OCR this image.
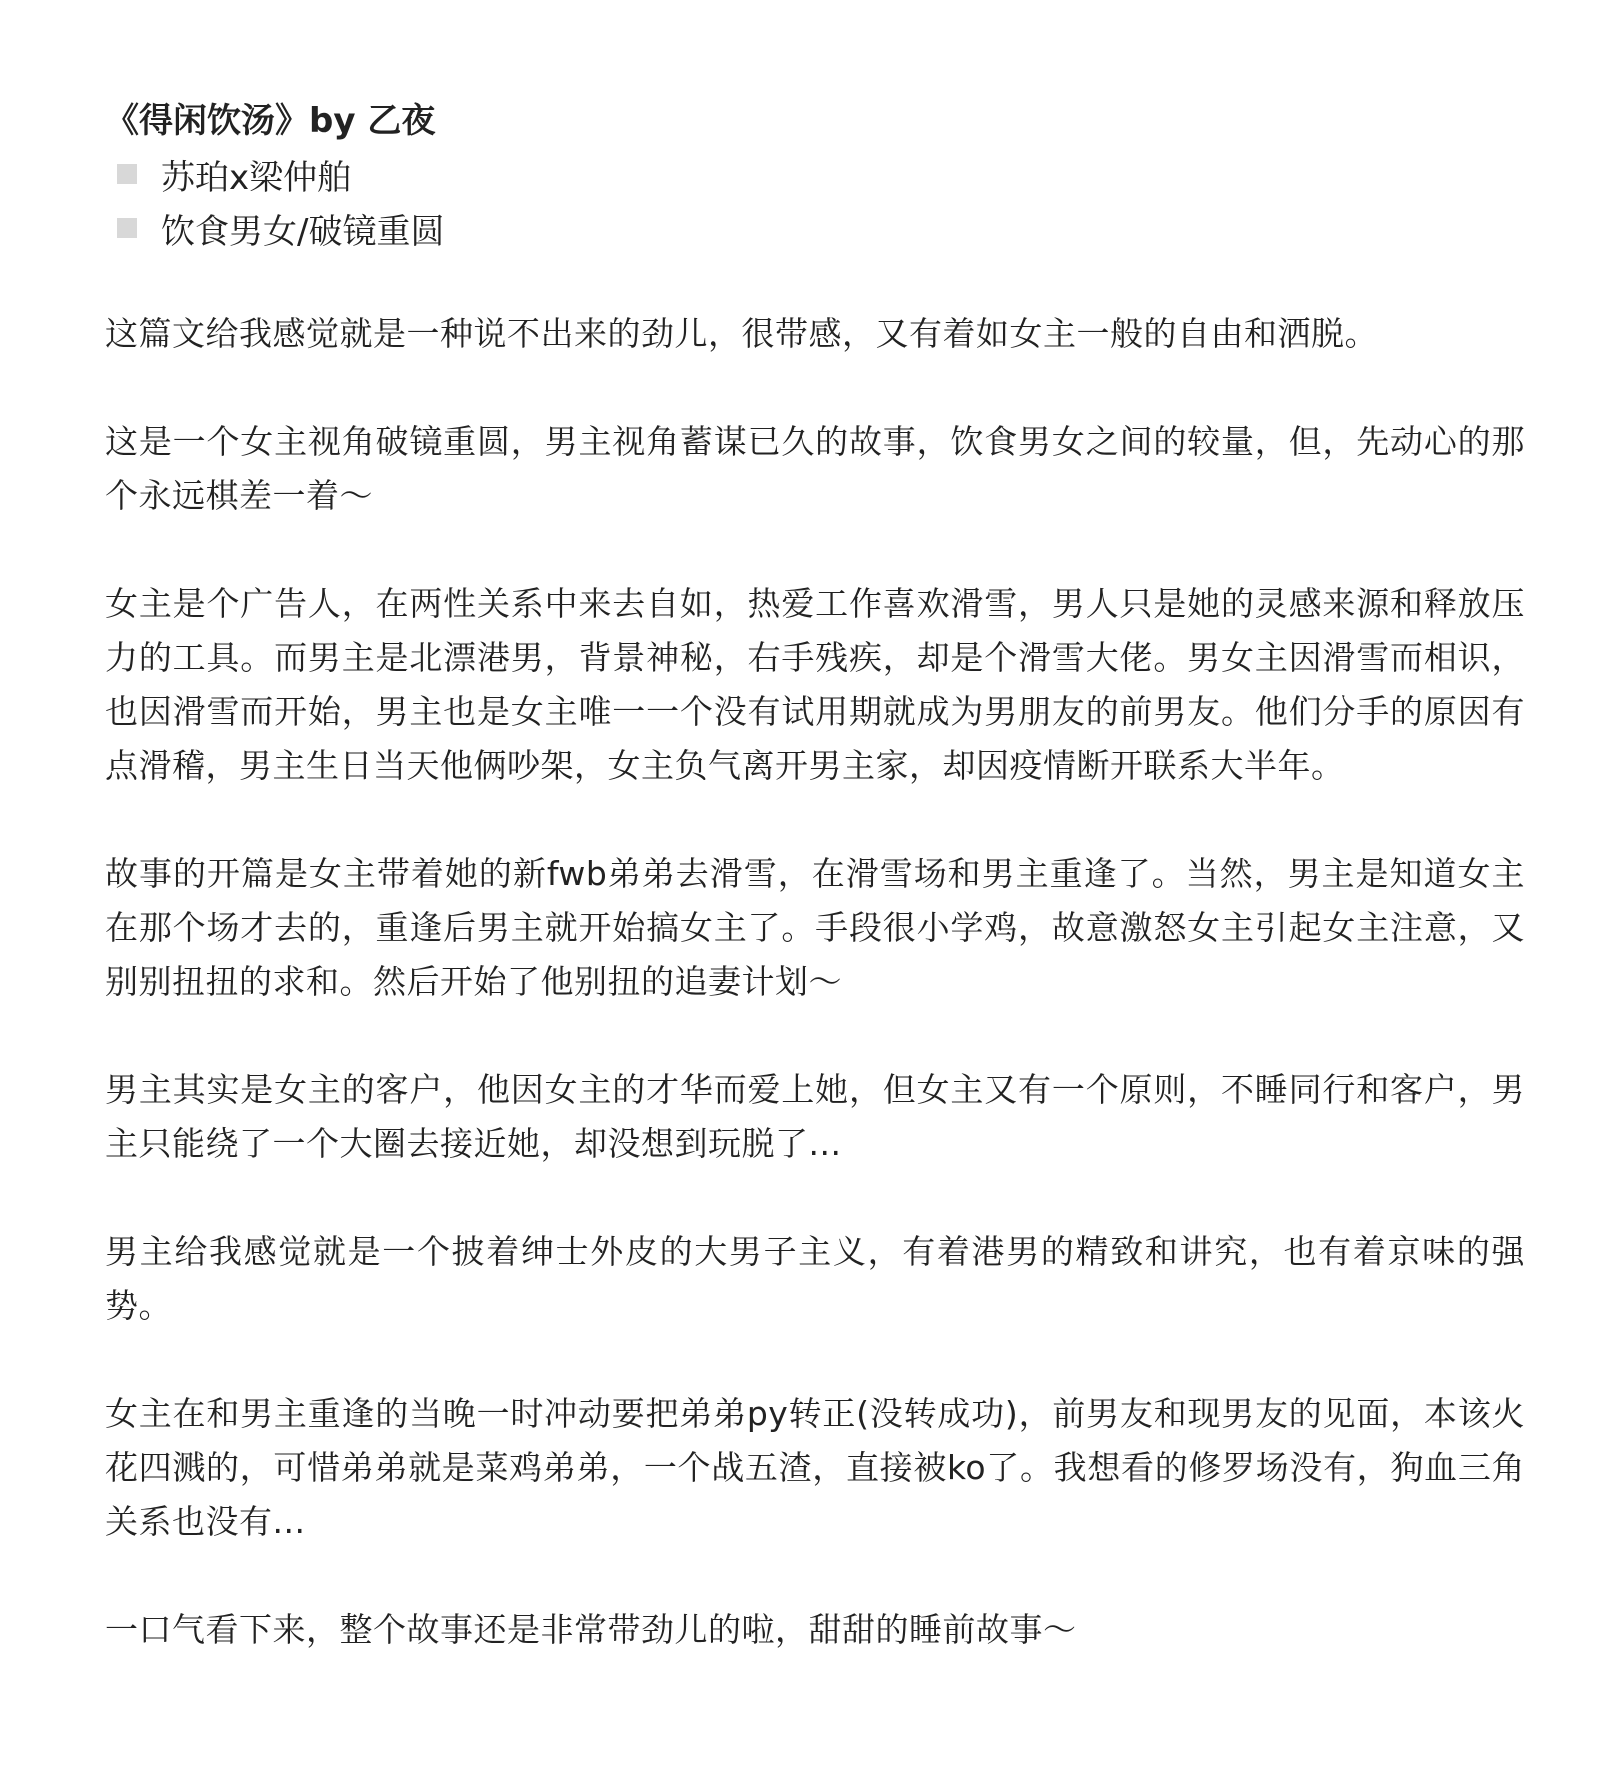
《得闲饮汤》by 乙夜
苏珀x梁仲舶
饮食男女/破镜重圆

这篇文给我感觉就是一种说不出来的劲儿，很带感，又有着如女主一般的自由和洒脱。

这是一个女主视角破镜重圆，男主视角蓄谋已久的故事，饮食男女之间的较量，但，先动心的那个永远棋差一着～

女主是个广告人，在两性关系中来去自如，热爱工作喜欢滑雪，男人只是她的灵感来源和释放压力的工具。而男主是北漂港男，背景神秘，右手残疾，却是个滑雪大佬。男女主因滑雪而相识，也因滑雪而开始，男主也是女主唯一一个没有试用期就成为男朋友的前男友。他们分手的原因有点滑稽，男主生日当天他俩吵架，女主负气离开男主家，却因疫情断开联系大半年。

故事的开篇是女主带着她的新fwb弟弟去滑雪，在滑雪场和男主重逢了。当然，男主是知道女主在那个场才去的，重逢后男主就开始搞女主了。手段很小学鸡，故意激怒女主引起女主注意，又别别扭扭的求和。然后开始了他别扭的追妻计划～

男主其实是女主的客户，他因女主的才华而爱上她，但女主又有一个原则，不睡同行和客户，男主只能绕了一个大圈去接近她，却没想到玩脱了...

男主给我感觉就是一个披着绅士外皮的大男子主义，有着港男的精致和讲究，也有着京味的强势。

女主在和男主重逢的当晚一时冲动要把弟弟py转正(没转成功)，前男友和现男友的见面，本该火花四溅的，可惜弟弟就是菜鸡弟弟，一个战五渣，直接被ko了。我想看的修罗场没有，狗血三角关系也没有...

一口气看下来，整个故事还是非常带劲儿的啦，甜甜的睡前故事～
